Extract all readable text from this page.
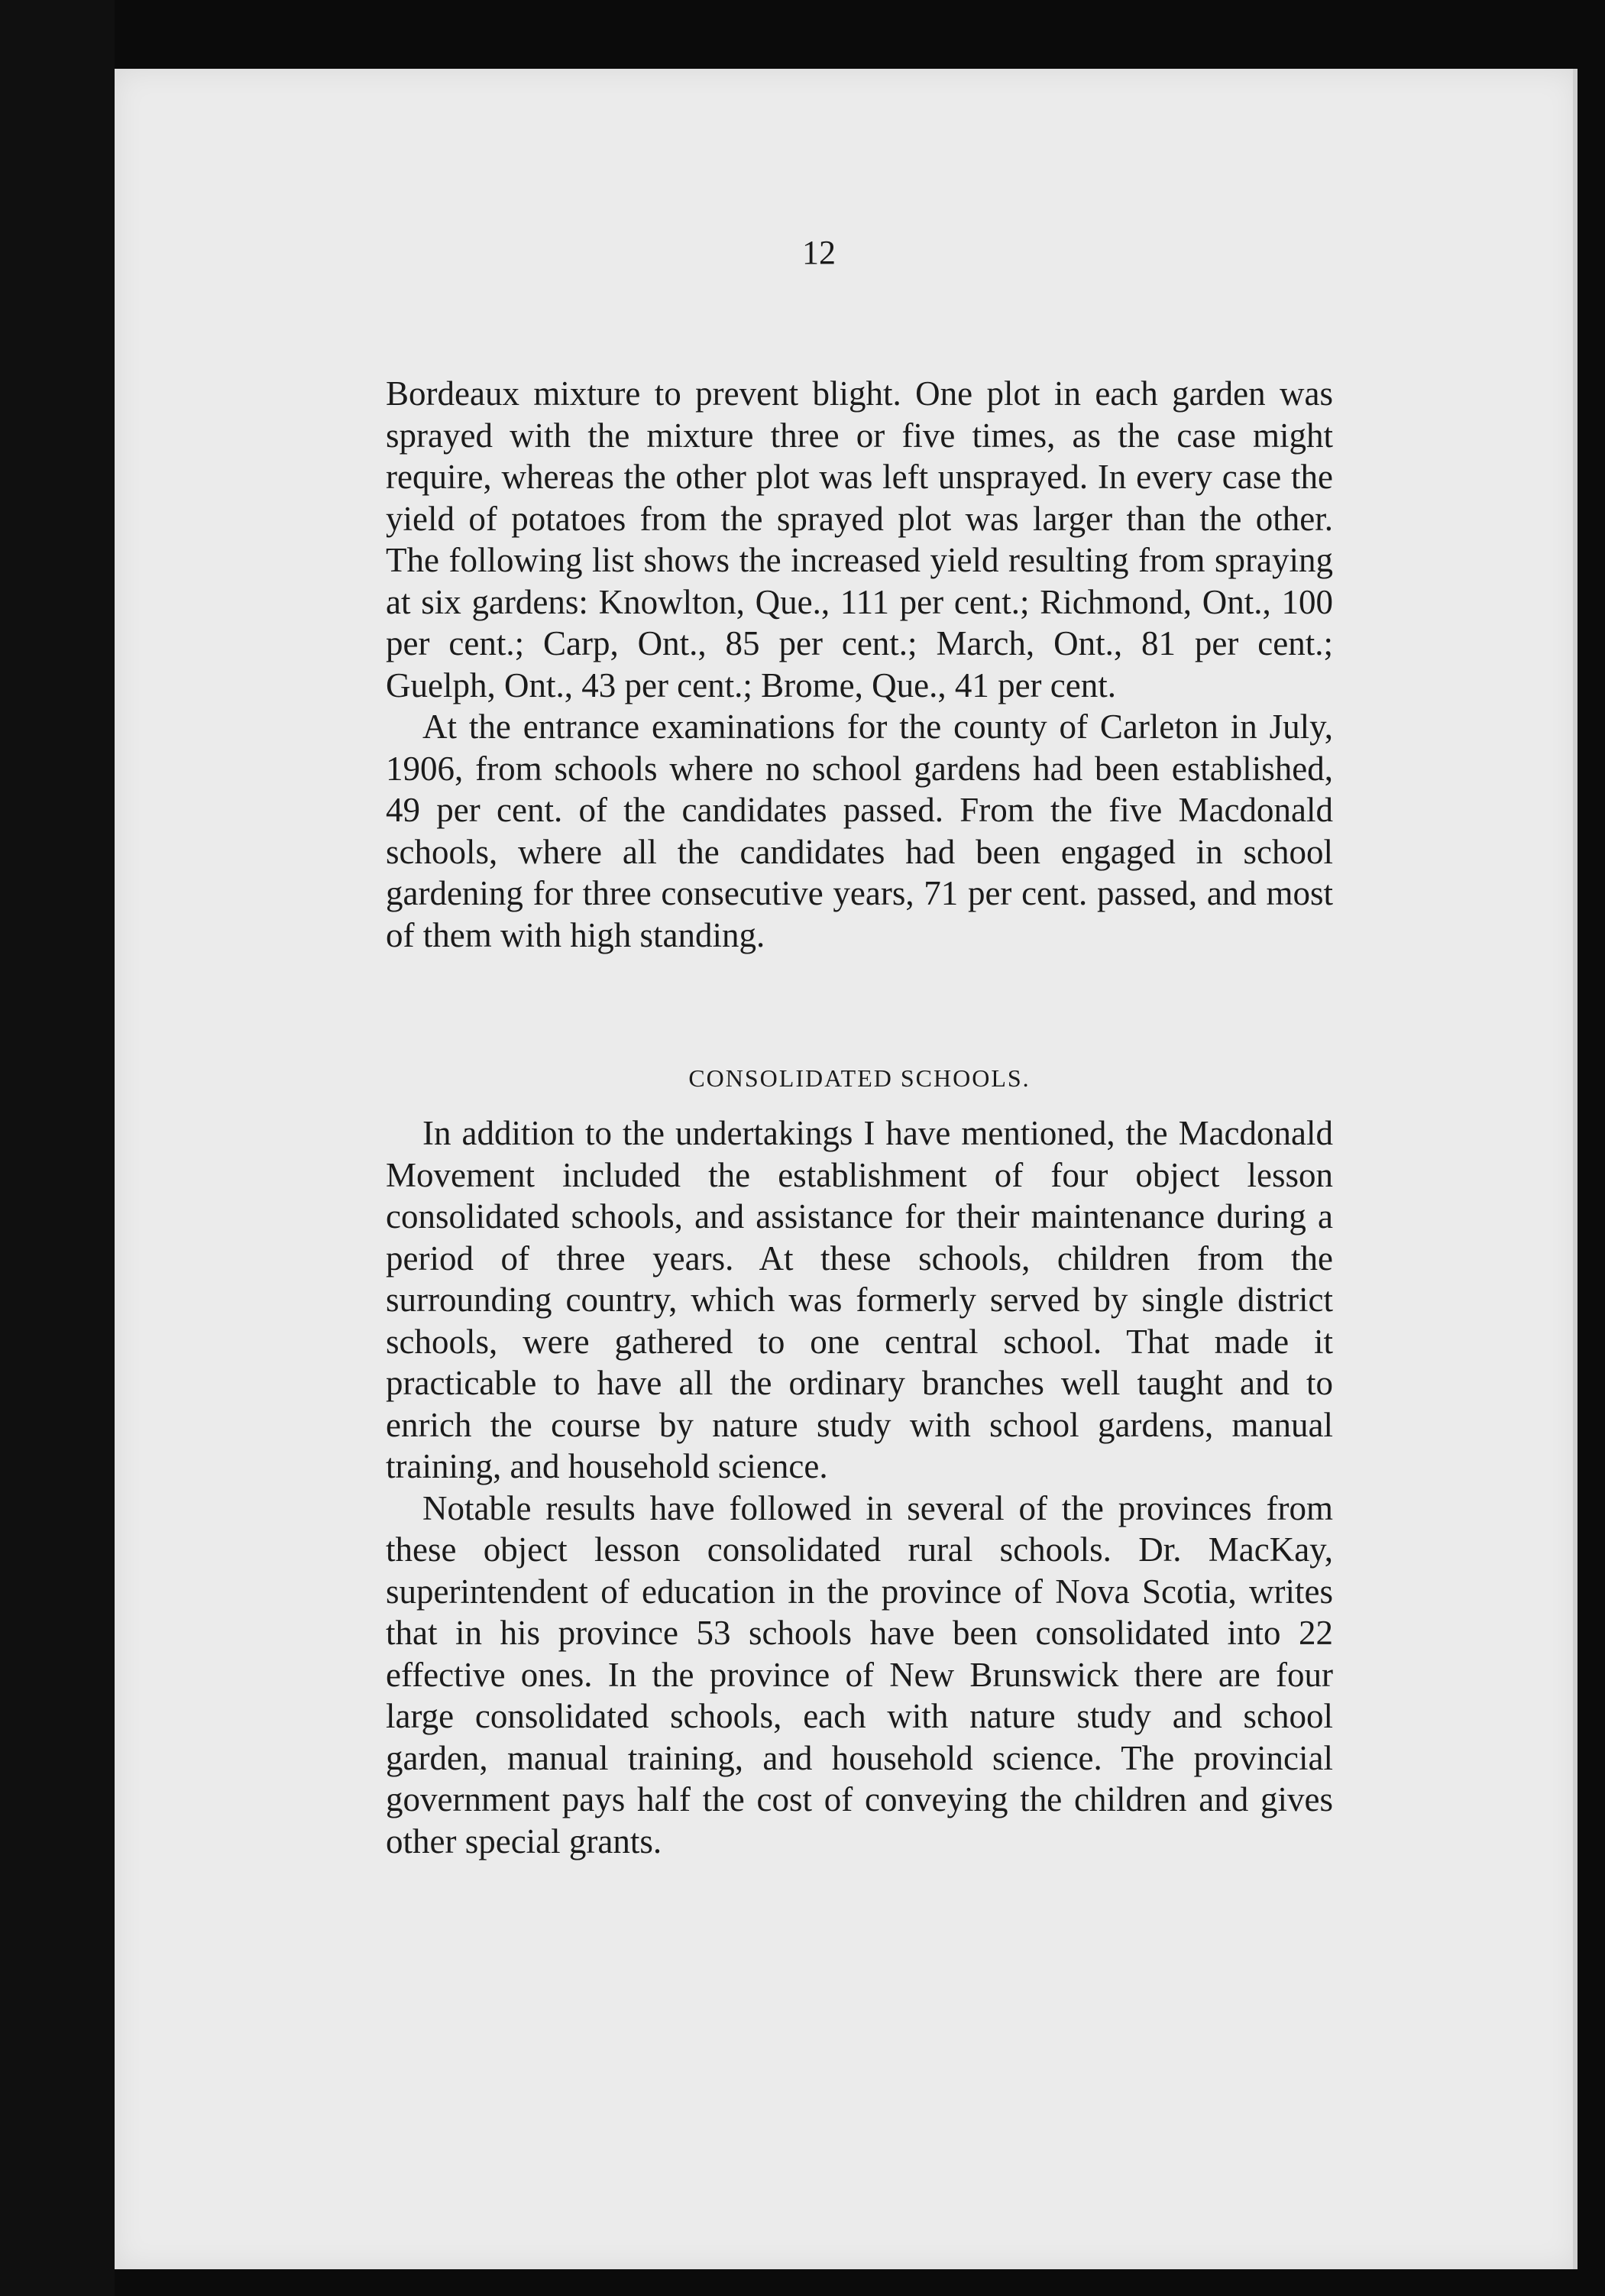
12

Bordeaux mixture to prevent blight. One plot in each garden was sprayed with the mixture three or five times, as the case might require, whereas the other plot was left unsprayed. In every case the yield of potatoes from the sprayed plot was larger than the other. The following list shows the increased yield resulting from spraying at six gardens: Knowlton, Que., 111 per cent.; Richmond, Ont., 100 per cent.; Carp, Ont., 85 per cent.; March, Ont., 81 per cent.; Guelph, Ont., 43 per cent.; Brome, Que., 41 per cent.

At the entrance examinations for the county of Carleton in July, 1906, from schools where no school gardens had been established, 49 per cent. of the candidates passed. From the five Macdonald schools, where all the candidates had been engaged in school gardening for three consecutive years, 71 per cent. passed, and most of them with high standing.

CONSOLIDATED SCHOOLS.

In addition to the undertakings I have mentioned, the Macdonald Movement included the establishment of four object lesson consolidated schools, and assistance for their maintenance during a period of three years. At these schools, children from the surrounding country, which was formerly served by single district schools, were gathered to one central school. That made it practicable to have all the ordinary branches well taught and to enrich the course by nature study with school gardens, manual training, and household science.

Notable results have followed in several of the provinces from these object lesson consolidated rural schools. Dr. MacKay, superintendent of education in the province of Nova Scotia, writes that in his province 53 schools have been consolidated into 22 effective ones. In the province of New Brunswick there are four large consolidated schools, each with nature study and school garden, manual training, and household science. The provincial government pays half the cost of conveying the children and gives other special grants.
